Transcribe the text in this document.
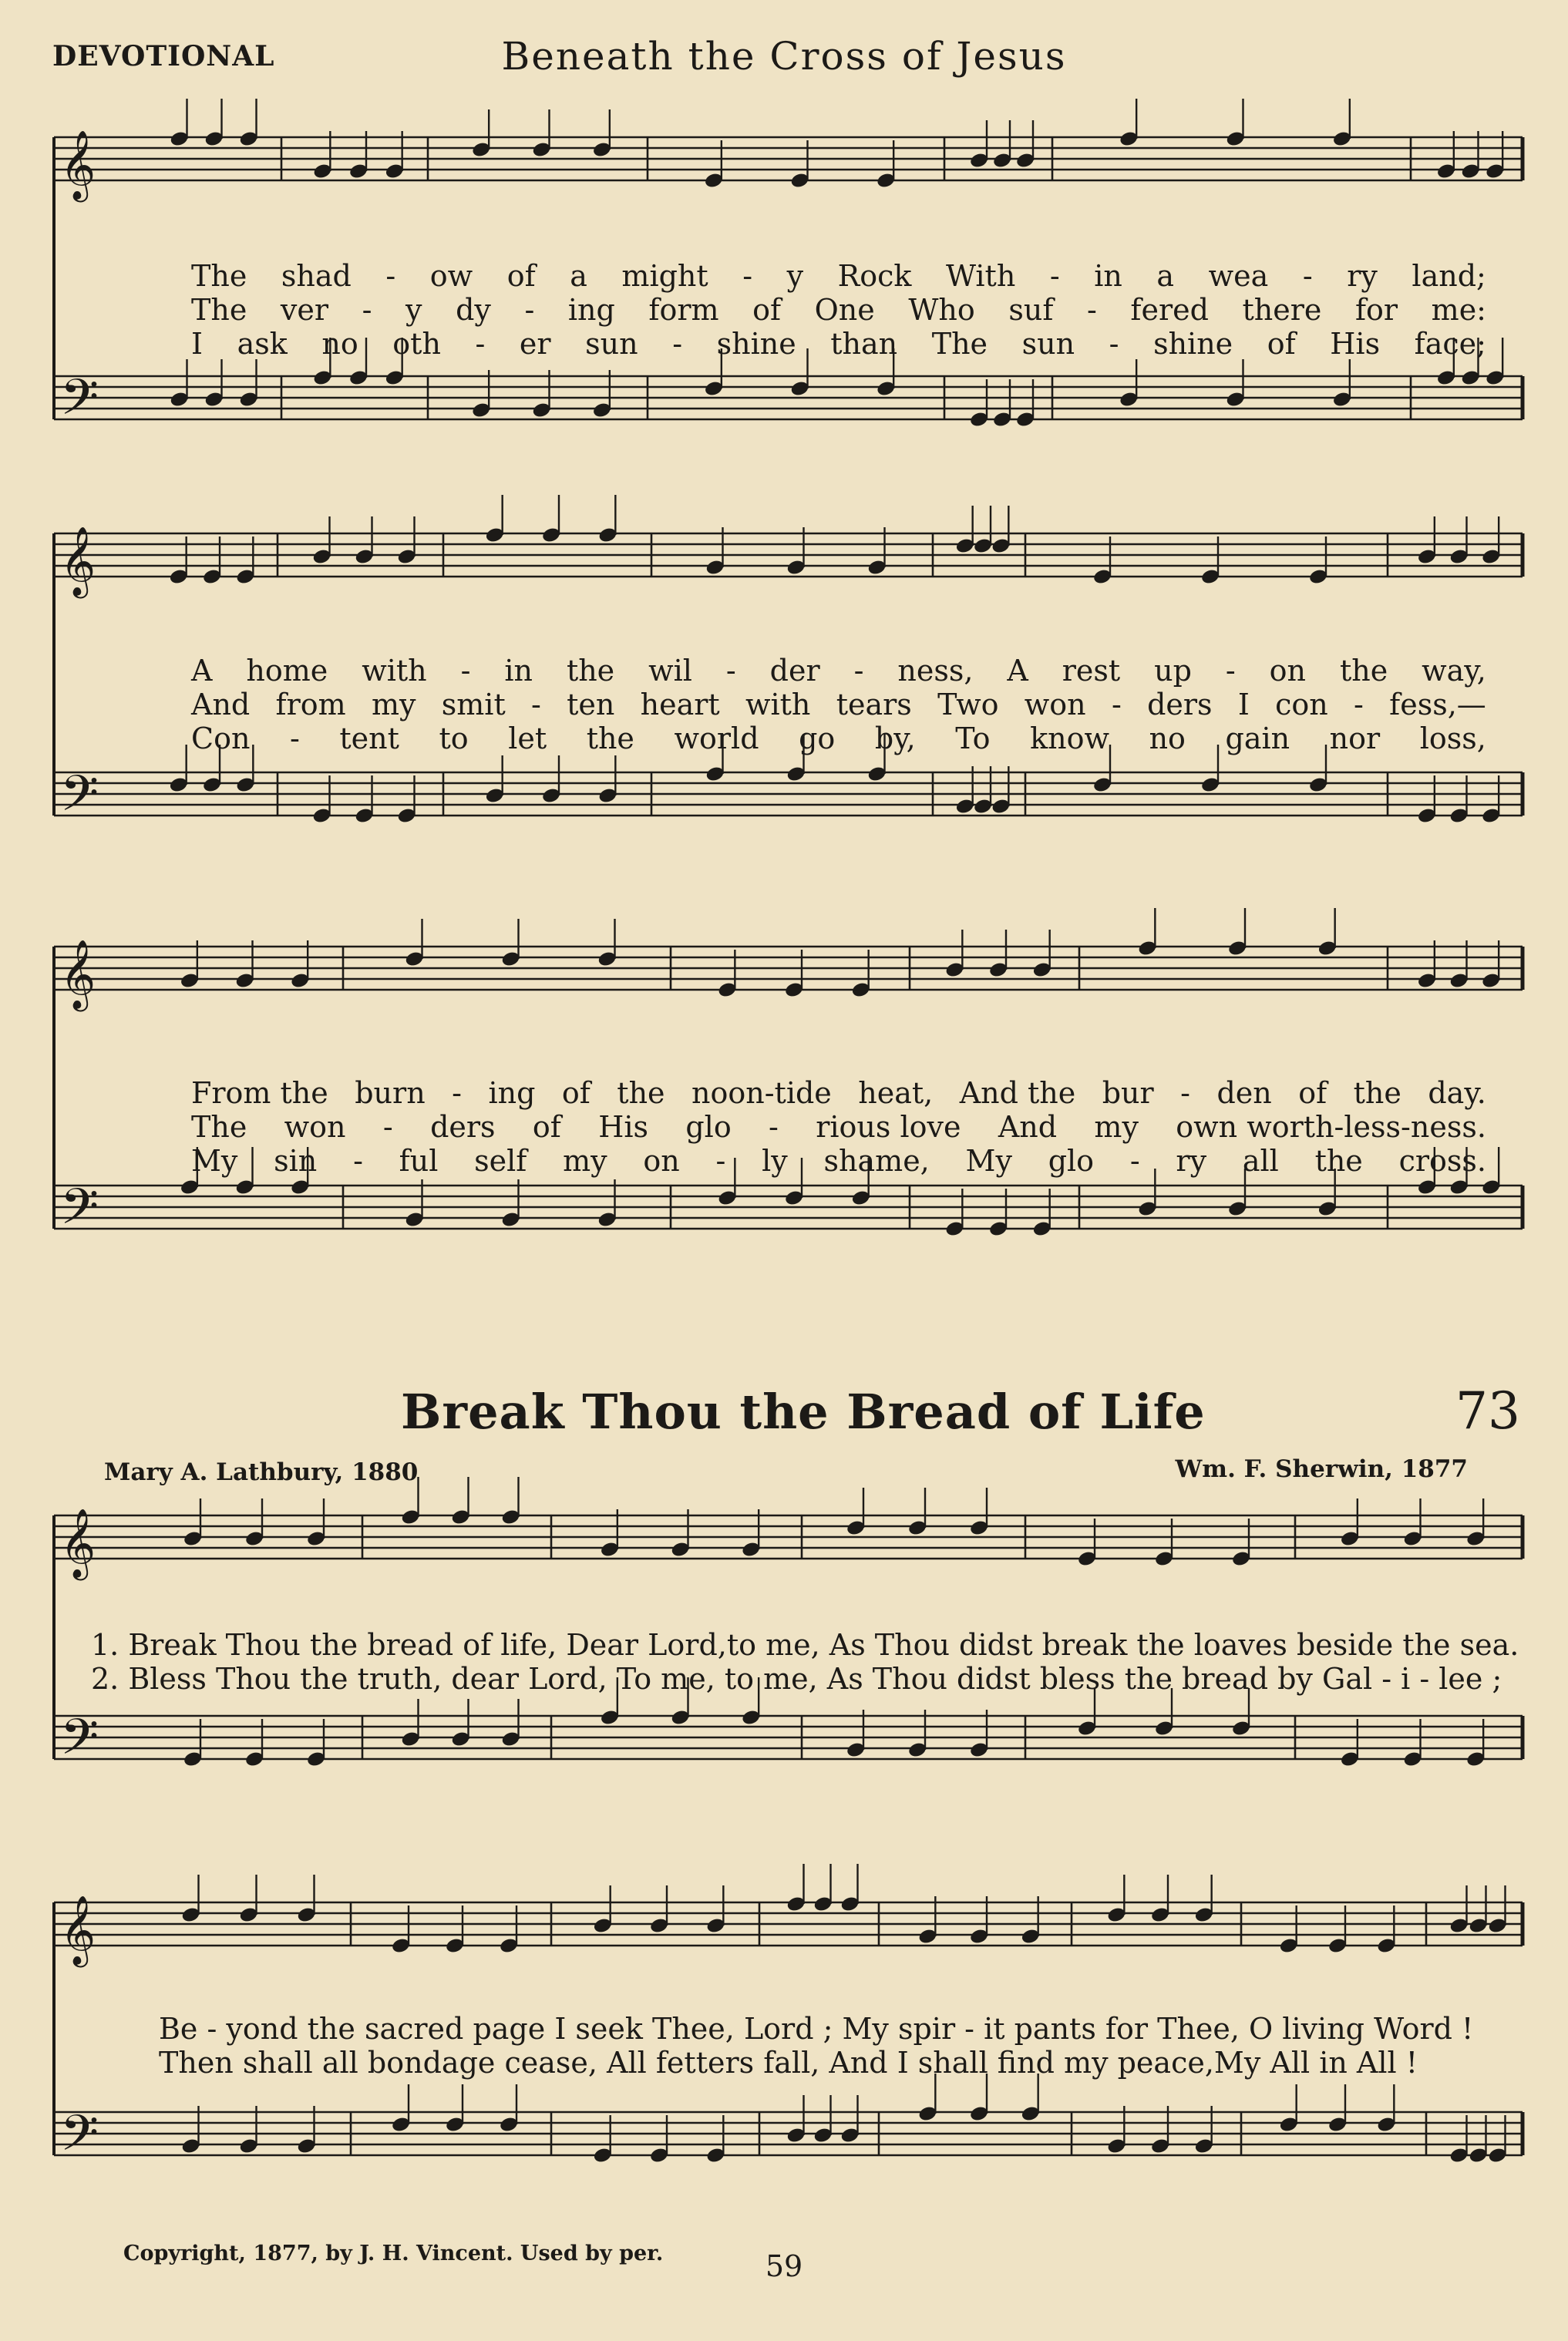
DEVOTIONAL	Beneath the Cross of Jesus
𝄞
𝄢
𝄞
𝄢
𝄞
𝄢
𝄞
𝄢
𝄞
𝄢
The shad - ow of a might - y Rock With - in a wea - ry land;
The ver - y dy - ing form of One Who suf - fered there for me:
I ask no oth - er sun - shine than The sun - shine of His face;
A home with - in the wil - der - ness, A rest up - on the way,
And from my smit - ten heart with tears Two won - ders I con - fess,—
Con - tent to let the world go by, To know no gain nor loss,
From the burn - ing of the noon-tide heat, And the bur - den of the day.
The won - ders of His glo - rious love And my own worth-less-ness.
My sin - ful self my on - ly shame, My glo - ry all the cross.
Break Thou the Bread of Life	73
Mary A. Lathbury, 1880	Wm. F. Sherwin, 1877
1. Break Thou the bread of life, Dear Lord,to me, As Thou didst break the loaves beside the sea.
2. Bless Thou the truth, dear Lord, To me, to me, As Thou didst bless the bread by Gal - i - lee ;
Be - yond the sacred page I seek Thee, Lord ; My spir - it pants for Thee, O living Word !
Then shall all bondage cease, All fetters fall, And I shall find my peace,My All in All !
Copyright, 1877, by J. H. Vincent. Used by per.	59
